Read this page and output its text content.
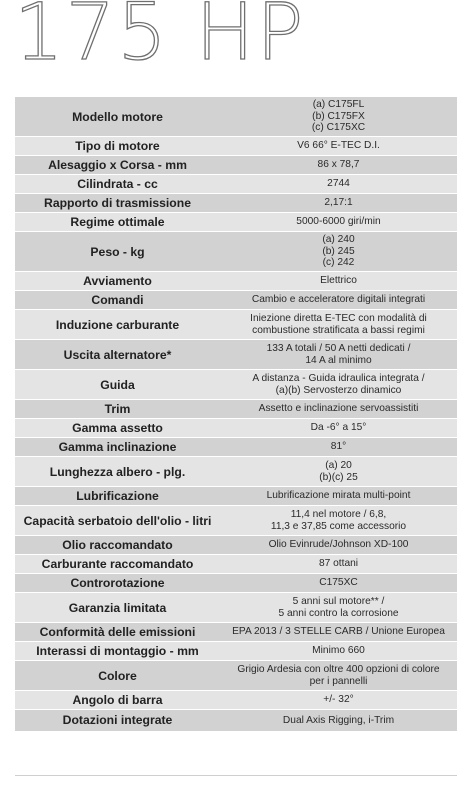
175 HP
Modello motore	(a) C175FL
(b) C175FX
(c) C175XC
Tipo di motore	V6 66° E-TEC D.I.
Alesaggio x Corsa - mm	86 x 78,7
Cilindrata - cc	2744
Rapporto di trasmissione	2,17:1
Regime ottimale	5000-6000 giri/min
Peso - kg	(a) 240
(b) 245
(c) 242
Avviamento	Elettrico
Comandi	Cambio e acceleratore digitali integrati
Induzione carburante	Iniezione diretta E-TEC con modalità di
combustione stratificata a bassi regimi
Uscita alternatore*	133 A totali / 50 A netti dedicati /
14 A al minimo
Guida	A distanza - Guida idraulica integrata /
(a)(b) Servosterzo dinamico
Trim	Assetto e inclinazione servoassistiti
Gamma assetto	Da -6° a 15°
Gamma inclinazione	81°
Lunghezza albero - plg.	(a) 20
(b)(c) 25
Lubrificazione	Lubrificazione mirata multi-point
Capacità serbatoio dell'olio - litri	11,4 nel motore / 6,8,
11,3 e 37,85 come accessorio
Olio raccomandato	Olio Evinrude/Johnson XD-100
Carburante raccomandato	87 ottani
Controrotazione	C175XC
Garanzia limitata	5 anni sul motore** /
5 anni contro la corrosione
Conformità delle emissioni	EPA 2013 / 3 STELLE CARB / Unione Europea
Interassi di montaggio - mm	Minimo 660
Colore	Grigio Ardesia con oltre 400 opzioni di colore
per i pannelli
Angolo di barra	+/- 32°
Dotazioni integrate	Dual Axis Rigging, i-Trim
